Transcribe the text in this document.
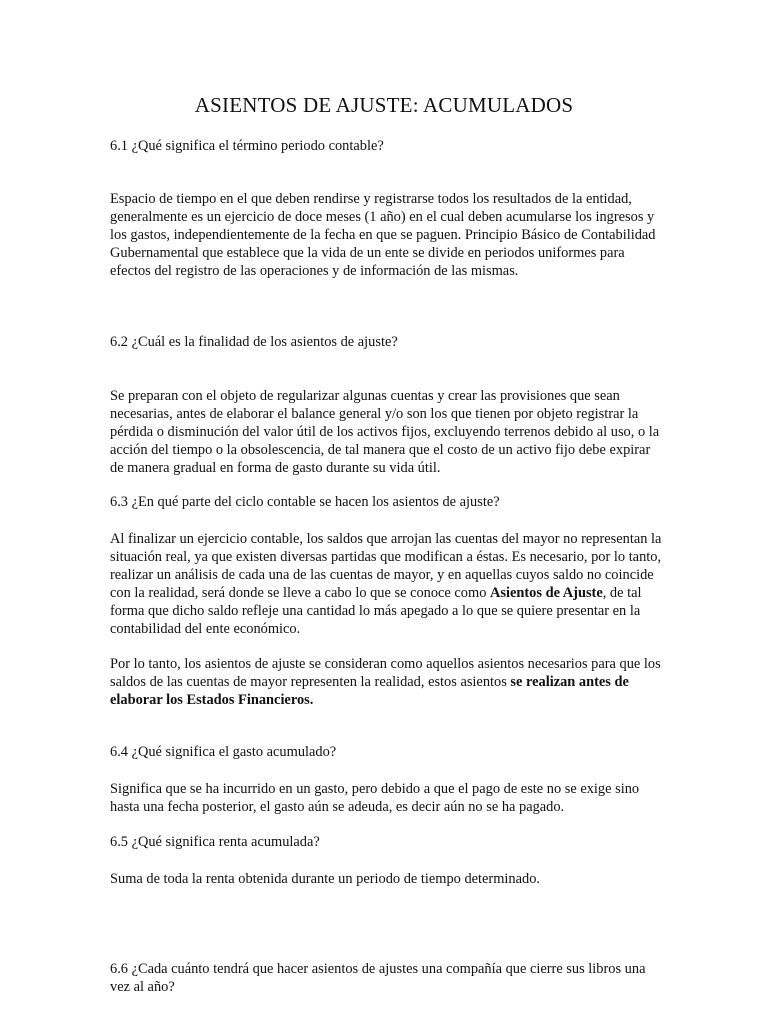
ASIENTOS DE AJUSTE: ACUMULADOS

6.1 ¿Qué significa el término periodo contable?

Espacio de tiempo en el que deben rendirse y registrarse todos los resultados de la entidad, generalmente es un ejercicio de doce meses (1 año) en el cual deben acumularse los ingresos y los gastos, independientemente de la fecha en que se paguen. Principio Básico de Contabilidad Gubernamental que establece que la vida de un ente se divide en periodos uniformes para efectos del registro de las operaciones y de información de las mismas.

6.2 ¿Cuál es la finalidad de los asientos de ajuste?

Se preparan con el objeto de regularizar algunas cuentas y crear las provisiones que sean necesarias, antes de elaborar el balance general y/o son los que tienen por objeto registrar la pérdida o disminución del valor útil de los activos fijos, excluyendo terrenos debido al uso, o la acción del tiempo o la obsolescencia, de tal manera que el costo de un activo fijo debe expirar de manera gradual en forma de gasto durante su vida útil.

6.3 ¿En qué parte del ciclo contable se hacen los asientos de ajuste?

Al finalizar un ejercicio contable, los saldos que arrojan las cuentas del mayor no representan la situación real, ya que existen diversas partidas que modifican a éstas. Es necesario, por lo tanto, realizar un análisis de cada una de las cuentas de mayor, y en aquellas cuyos saldo no coincide con la realidad, será donde se lleve a cabo lo que se conoce como Asientos de Ajuste, de tal forma que dicho saldo refleje una cantidad lo más apegado a lo que se quiere presentar en la contabilidad del ente económico.

Por lo tanto, los asientos de ajuste se consideran como aquellos asientos necesarios para que los saldos de las cuentas de mayor representen la realidad, estos asientos se realizan antes de elaborar los Estados Financieros.

6.4 ¿Qué significa el gasto acumulado?

Significa que se ha incurrido en un gasto, pero debido a que el pago de este no se exige sino hasta una fecha posterior, el gasto aún se adeuda, es decir aún no se ha pagado.

6.5 ¿Qué significa renta acumulada?

Suma de toda la renta obtenida durante un periodo de tiempo determinado.

6.6 ¿Cada cuánto tendrá que hacer asientos de ajustes una compañía que cierre sus libros una vez al año?
